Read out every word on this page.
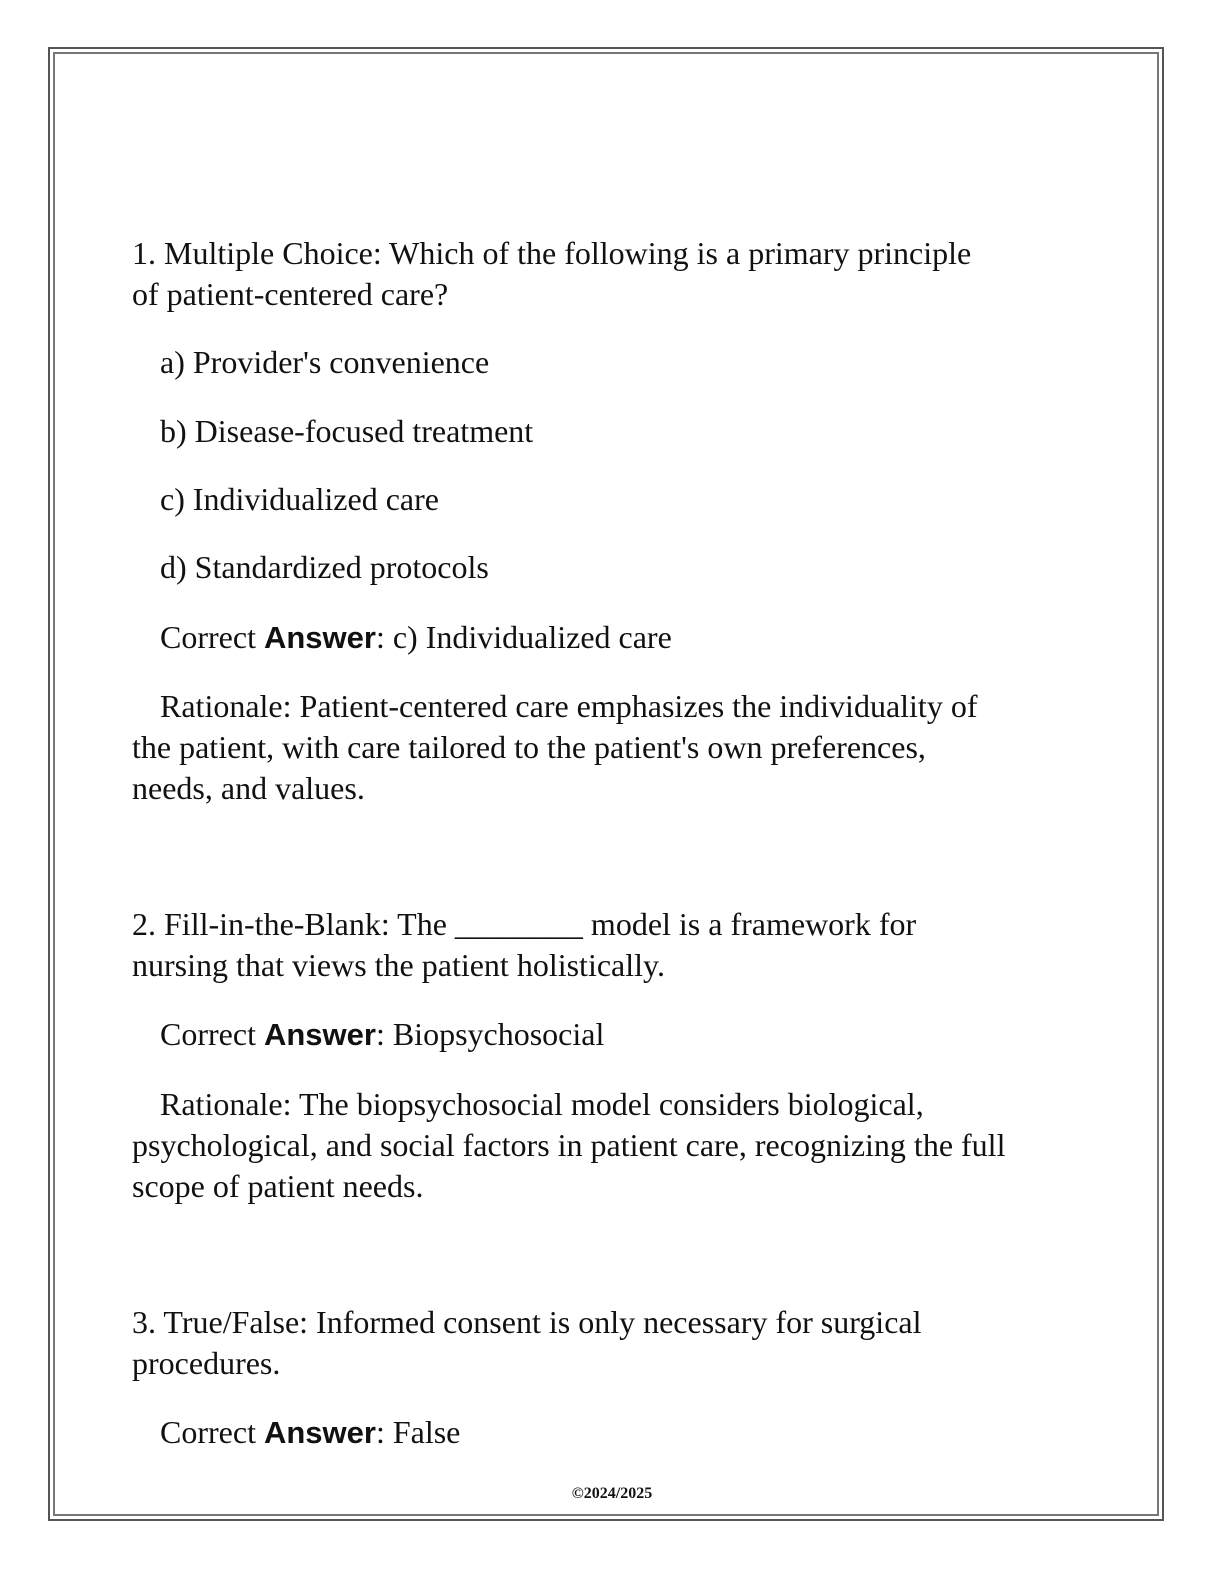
1. Multiple Choice: Which of the following is a primary principle

of patient-centered care?

a) Provider's convenience

b) Disease-focused treatment

c) Individualized care

d) Standardized protocols

Correct Answer: c) Individualized care

Rationale: Patient-centered care emphasizes the individuality of

the patient, with care tailored to the patient's own preferences,

needs, and values.

2. Fill-in-the-Blank: The ________ model is a framework for

nursing that views the patient holistically.

Correct Answer: Biopsychosocial

Rationale: The biopsychosocial model considers biological,

psychological, and social factors in patient care, recognizing the full

scope of patient needs.

3. True/False: Informed consent is only necessary for surgical

procedures.

Correct Answer: False

©2024/2025
